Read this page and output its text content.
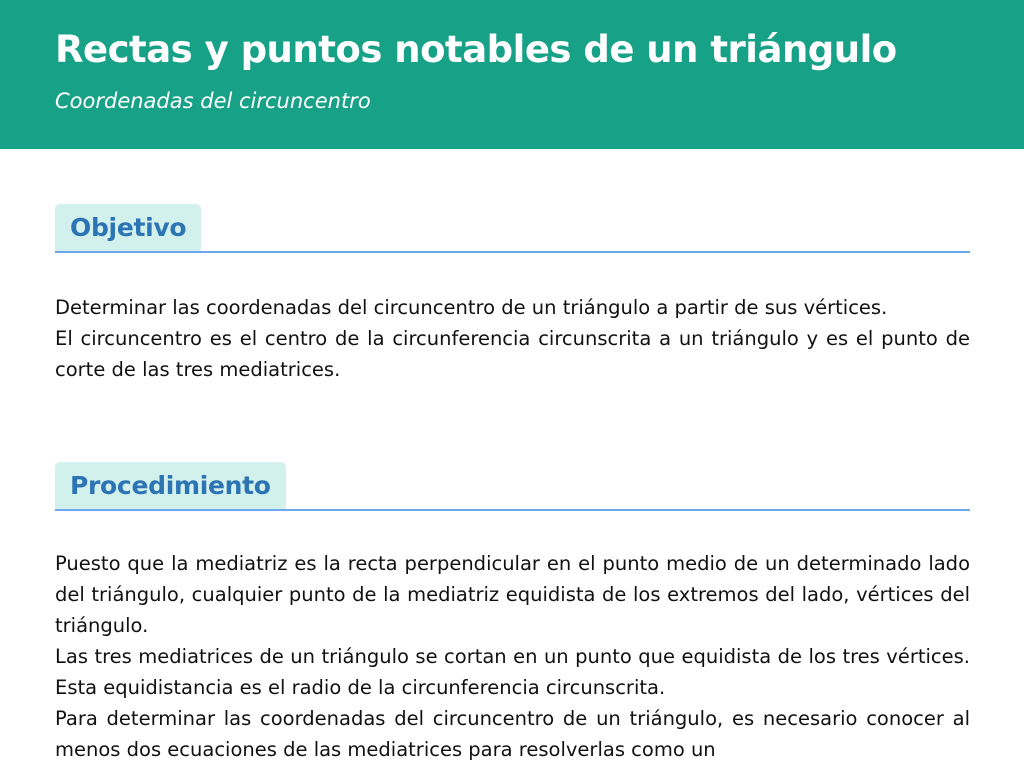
Rectas y puntos notables de un triángulo

Coordenadas del circuncentro

Objetivo

Determinar las coordenadas del circuncentro de un triángulo a partir de sus vértices.

El circuncentro es el centro de la circunferencia circunscrita a un triángulo y es el punto de corte de las tres mediatrices.

Procedimiento

Puesto que la mediatriz es la recta perpendicular en el punto medio de un determinado lado del triángulo, cualquier punto de la mediatriz equidista de los extremos del lado, vértices del triángulo.

Las tres mediatrices de un triángulo se cortan en un punto que equidista de los tres vértices. Esta equidistancia es el radio de la circunferencia circunscrita.

Para determinar las coordenadas del circuncentro de un triángulo, es necesario conocer al menos dos ecuaciones de las mediatrices para resolverlas como un
